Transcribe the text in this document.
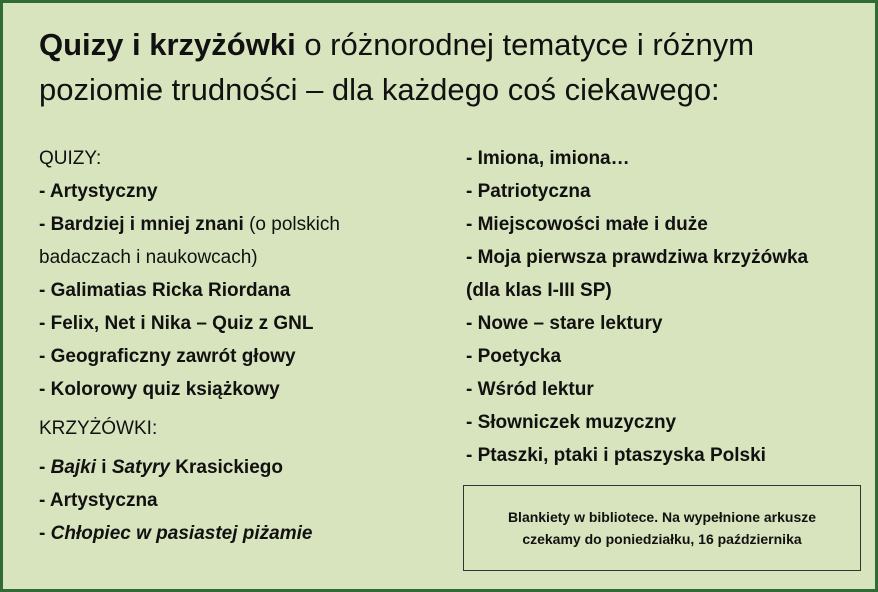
Quizy i krzyżówki o różnorodnej tematyce i różnym
poziomie trudności – dla każdego coś ciekawego:
QUIZY:
- Artystyczny
- Bardziej i mniej znani (o polskich
badaczach i naukowcach)
- Galimatias Ricka Riordana
- Felix, Net i Nika – Quiz z GNL
- Geograficzny zawrót głowy
- Kolorowy quiz książkowy
KRZYŻÓWKI:
- Bajki i Satyry Krasickiego
- Artystyczna
- Chłopiec w pasiastej piżamie
- Imiona, imiona…
- Patriotyczna
- Miejscowości małe i duże
- Moja pierwsza prawdziwa krzyżówka
(dla klas I-III SP)
- Nowe – stare lektury
- Poetycka
- Wśród lektur
- Słowniczek muzyczny
- Ptaszki, ptaki i ptaszyska Polski
Blankiety w bibliotece. Na wypełnione arkusze
czekamy do poniedziałku, 16 października
